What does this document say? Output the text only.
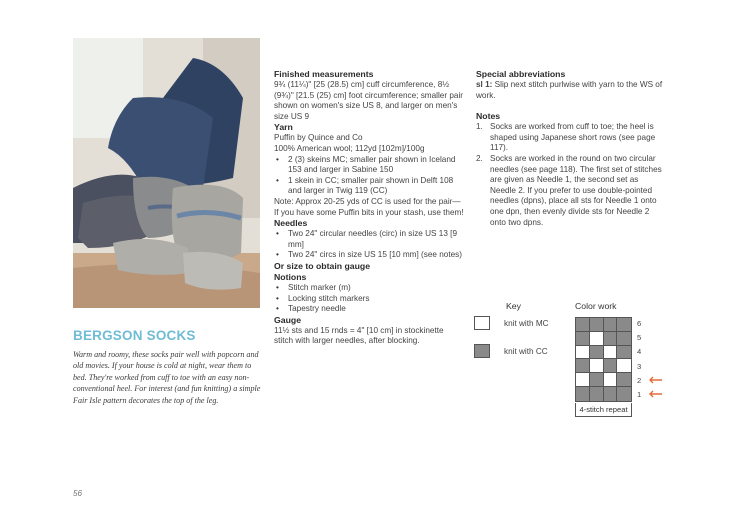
BERGSON SOCKS
Warm and roomy, these socks pair well with popcorn and old movies. If your house is cold at night, wear them to bed. They're worked from cuff to toe with an easy non-conventional heel. For interest (and fun knitting) a simple Fair Isle pattern decorates the top of the leg.
Finished measurements
9¾ (11¼)" [25 (28.5) cm] cuff circumference, 8½ (9¾)" [21.5 (25) cm] foot circumference; smaller pair shown on women's size US 8, and larger on men's size US 9
Yarn
Puffin by Quince and Co
100% American wool; 112yd [102m]/100g
• 2 (3) skeins MC; smaller pair shown in Iceland 153 and larger in Sabine 150
• 1 skein in CC; smaller pair shown in Delft 108 and larger in Twig 119 (CC)
Note: Approx 20-25 yds of CC is used for the pair—If you have some Puffin bits in your stash, use them!
Needles
• Two 24" circular needles (circ) in size US 13 [9 mm]
• Two 24" circs in size US 15 [10 mm] (see notes)
Or size to obtain gauge
Notions
• Stitch marker (m)
• Locking stitch markers
• Tapestry needle
Gauge
11½ sts and 15 rnds = 4" [10 cm] in stockinette stitch with larger needles, after blocking.
Special abbreviations
sl 1: Slip next stitch purlwise with yarn to the WS of work.
Notes
1. Socks are worked from cuff to toe; the heel is shaped using Japanese short rows (see page 117).
2. Socks are worked in the round on two circular needles (see page 118). The first set of stitches are given as Needle 1, the second set as Needle 2. If you prefer to use double-pointed needles (dpns), place all sts for Needle 1 onto one dpn, then evenly divide sts for Needle 2 onto two dpns.
Key
knit with MC
knit with CC
Color work
6
5
4
3
2
1
4-stitch repeat
56
